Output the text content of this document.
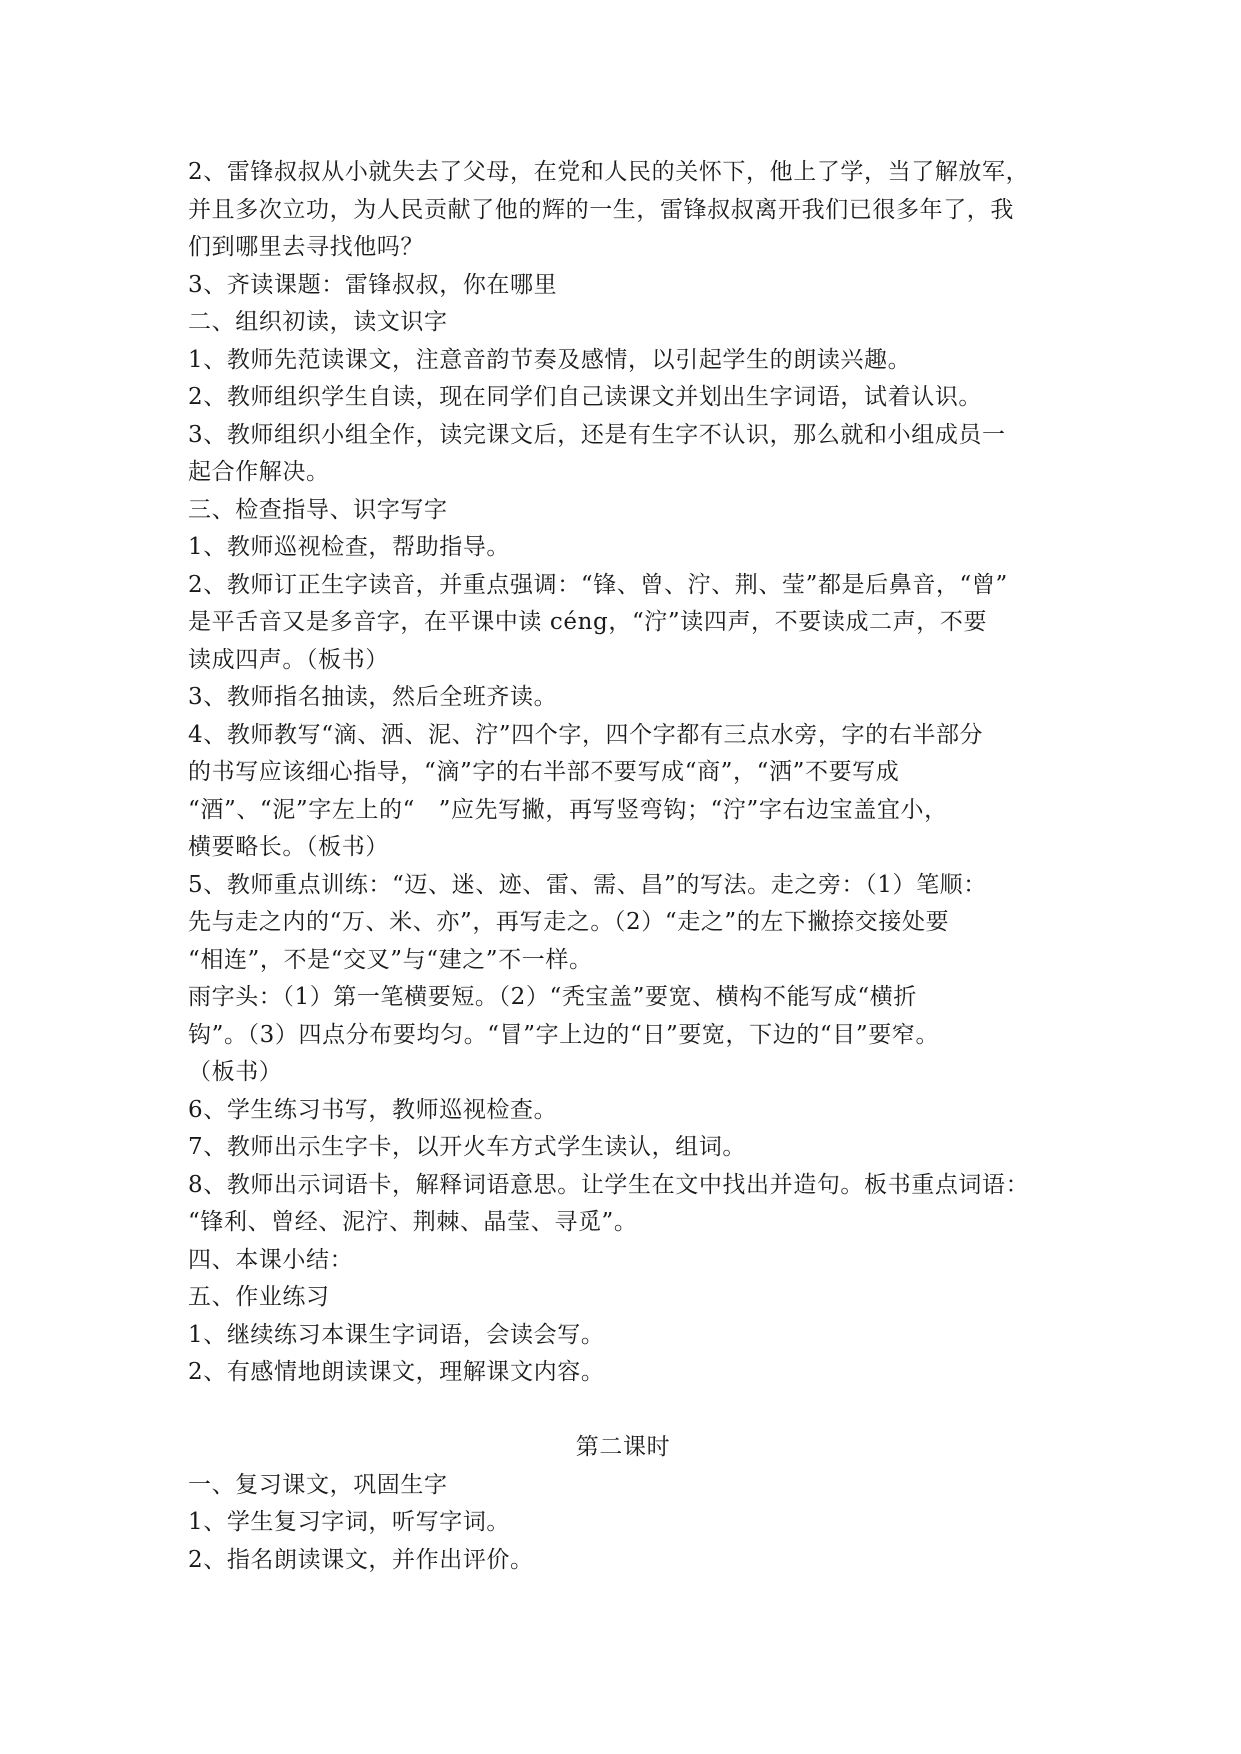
2、雷锋叔叔从小就失去了父母，在党和人民的关怀下，他上了学，当了解放军，
并且多次立功，为人民贡献了他的辉的一生，雷锋叔叔离开我们已很多年了，我
们到哪里去寻找他吗？
3、齐读课题：雷锋叔叔，你在哪里
二、组织初读，读文识字
1、教师先范读课文，注意音韵节奏及感情，以引起学生的朗读兴趣。
2、教师组织学生自读，现在同学们自己读课文并划出生字词语，试着认识。
3、教师组织小组全作，读完课文后，还是有生字不认识，那么就和小组成员一
起合作解决。
三、检查指导、识字写字
1、教师巡视检查，帮助指导。
2、教师订正生字读音，并重点强调：“锋、曾、泞、荆、莹”都是后鼻音，“曾”
是平舌音又是多音字，在平课中读 céng，“泞”读四声，不要读成二声，不要
读成四声。（板书）
3、教师指名抽读，然后全班齐读。
4、教师教写“滴、洒、泥、泞”四个字，四个字都有三点水旁，字的右半部分
的书写应该细心指导，“滴”字的右半部不要写成“商”，“洒”不要写成
“酒”、“泥”字左上的“　”应先写撇，再写竖弯钩；“泞”字右边宝盖宜小，
横要略长。（板书）
5、教师重点训练：“迈、迷、迹、雷、需、昌”的写法。走之旁：（1）笔顺：
先与走之内的“万、米、亦”，再写走之。（2）“走之”的左下撇捺交接处要
“相连”，不是“交叉”与“建之”不一样。
雨字头：（1）第一笔横要短。（2）“秃宝盖”要宽、横构不能写成“横折
钩”。（3）四点分布要均匀。“冒”字上边的“日”要宽，下边的“目”要窄。
（板书）
6、学生练习书写，教师巡视检查。
7、教师出示生字卡，以开火车方式学生读认，组词。
8、教师出示词语卡，解释词语意思。让学生在文中找出并造句。板书重点词语：
“锋利、曾经、泥泞、荆棘、晶莹、寻觅”。
四、本课小结：
五、作业练习
1、继续练习本课生字词语，会读会写。
2、有感情地朗读课文，理解课文内容。
第二课时
一、复习课文，巩固生字
1、学生复习字词，听写字词。
2、指名朗读课文，并作出评价。
